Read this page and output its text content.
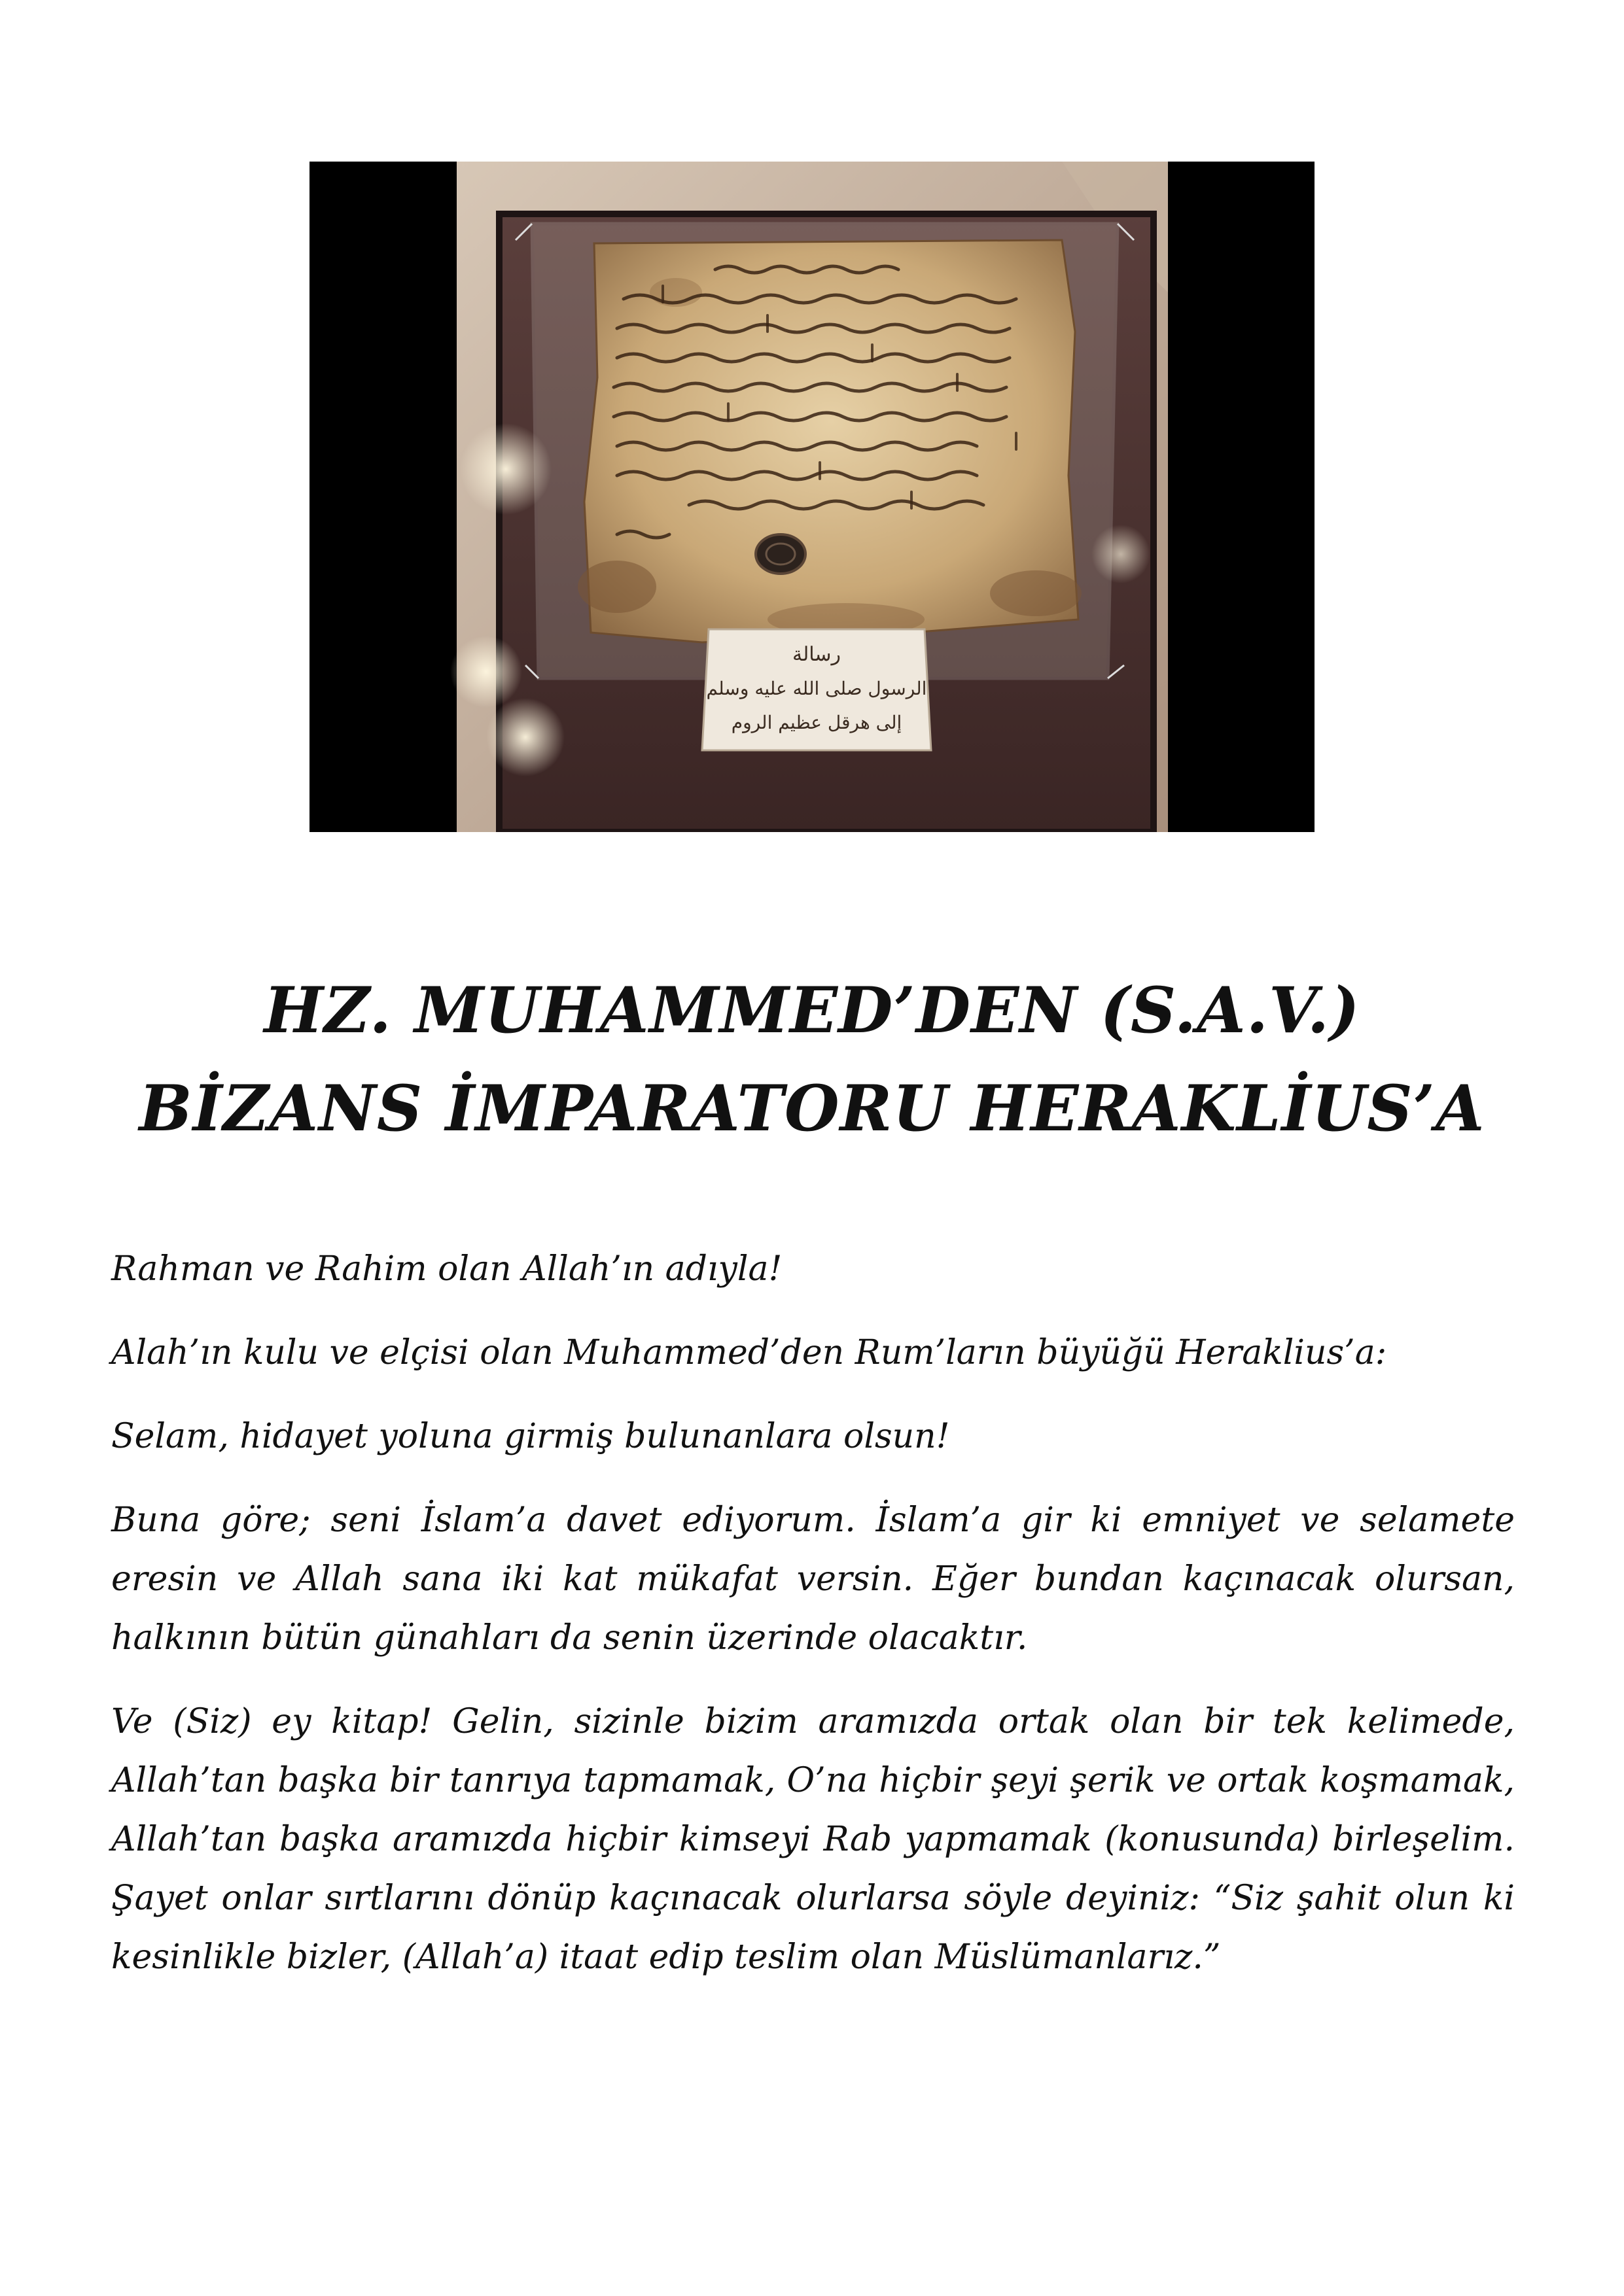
رسالة
الرسول صلى الله عليه وسلم
إلى هرقل عظيم الروم
HZ. MUHAMMED’DEN (S.A.V.)
BİZANS İMPARATORU HERAKLİUS’A

Rahman ve Rahim olan Allah’ın adıyla!

Alah’ın kulu ve elçisi olan Muhammed’den Rum’ların büyüğü Heraklius’a:

Selam, hidayet yoluna girmiş bulunanlara olsun!

Buna göre; seni İslam’a davet ediyorum. İslam’a gir ki emniyet ve selamete eresin ve Allah sana iki kat mükafat versin. Eğer bundan kaçınacak olursan, halkının bütün günahları da senin üzerinde olacaktır.

Ve (Siz) ey kitap! Gelin, sizinle bizim aramızda ortak olan bir tek kelimede, Allah’tan başka bir tanrıya tapmamak, O’na hiçbir şeyi şerik ve ortak koşmamak, Allah’tan başka aramızda hiçbir kimseyi Rab yapmamak (konusunda) birleşelim. Şayet onlar sırtlarını dönüp kaçınacak olurlarsa söyle deyiniz: “Siz şahit olun ki kesinlikle bizler, (Allah’a) itaat edip teslim olan Müslümanlarız.”
